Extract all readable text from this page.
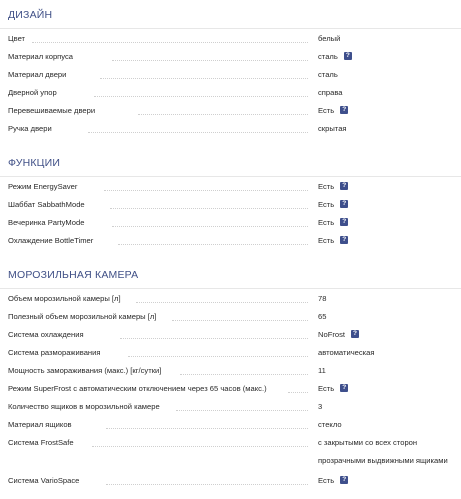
ДИЗАЙН
Цвет	белый
Материал корпуса	сталь ?
Материал двери	сталь
Дверной упор	справа
Перевешиваемые двери	Есть ?
Ручка двери	скрытая
ФУНКЦИИ
Режим EnergySaver	Есть ?
Шаббат SabbathMode	Есть ?
Вечеринка PartyMode	Есть ?
Охлаждение BottleTimer	Есть ?
МОРОЗИЛЬНАЯ КАМЕРА
Объем морозильной камеры [л]	78
Полезный объем морозильной камеры [л]	65
Система охлаждения	NoFrost ?
Система размораживания	автоматическая
Мощность замораживания (макс.) [кг/сутки]	11
Режим SuperFrost с автоматическим отключением через 65 часов (макс.)	Есть ?
Количество ящиков в морозильной камере	3
Материал ящиков	стекло
Система FrostSafe	с закрытыми со всех сторон
прозрачными выдвижными ящиками
Система VarioSpace	Есть ?
